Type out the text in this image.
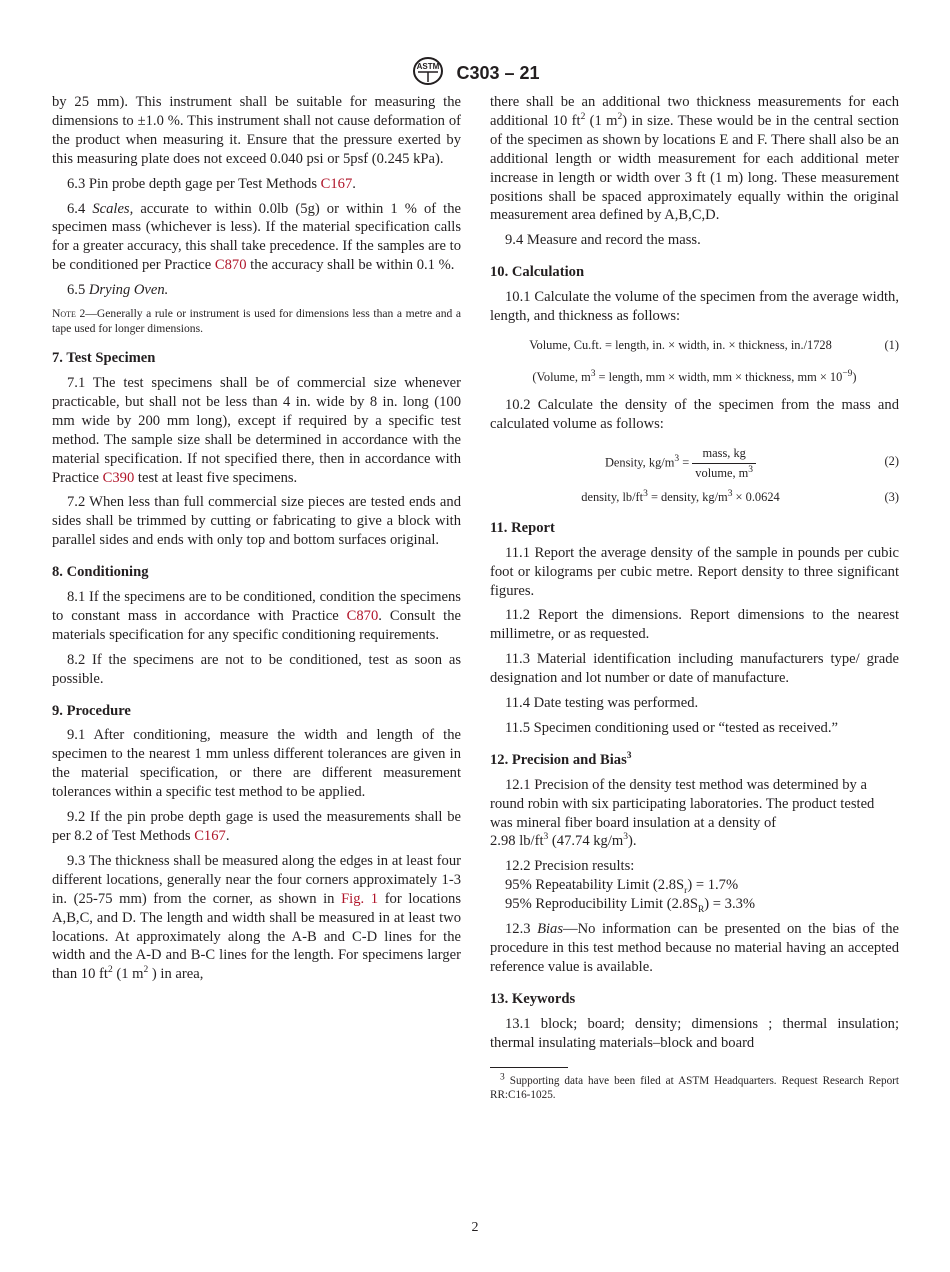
ASTM C303 – 21

by 25 mm). This instrument shall be suitable for measuring the dimensions to ±1.0 %. This instrument shall not cause deformation of the product when measuring it. Ensure that the pressure exerted by this measuring plate does not exceed 0.040 psi or 5psf (0.245 kPa).

6.3 Pin probe depth gage per Test Methods C167.

6.4 Scales, accurate to within 0.0lb (5g) or within 1 % of the specimen mass (whichever is less). If the material specification calls for a greater accuracy, this shall take precedence. If the samples are to be conditioned per Practice C870 the accuracy shall be within 0.1 %.

6.5 Drying Oven.

Note 2—Generally a rule or instrument is used for dimensions less than a metre and a tape used for longer dimensions.
7. Test Specimen

7.1 The test specimens shall be of commercial size whenever practicable, but shall not be less than 4 in. wide by 8 in. long (100 mm wide by 200 mm long), except if required by a specific test method. The sample size shall be determined in accordance with the material specification. If not specified there, then in accordance with Practice C390 test at least five specimens.

7.2 When less than full commercial size pieces are tested ends and sides shall be trimmed by cutting or fabricating to give a block with parallel sides and ends with only top and bottom surfaces original.

8. Conditioning

8.1 If the specimens are to be conditioned, condition the specimens to constant mass in accordance with Practice C870. Consult the materials specification for any specific conditioning requirements.

8.2 If the specimens are not to be conditioned, test as soon as possible.

9. Procedure

9.1 After conditioning, measure the width and length of the specimen to the nearest 1 mm unless different tolerances are given in the material specification, or there are different measurement tolerances within a specific test method to be applied.

9.2 If the pin probe depth gage is used the measurements shall be per 8.2 of Test Methods C167.

9.3 The thickness shall be measured along the edges in at least four different locations, generally near the four corners approximately 1-3 in. (25-75 mm) from the corner, as shown in Fig. 1 for locations A,B,C, and D. The length and width shall be measured in at least two locations. At approximately along the A-B and C-D lines for the width and the A-D and B-C lines for the length. For specimens larger than 10 $ft^2$ (1 $m^2$ ) in area,

there shall be an additional two thickness measurements for each additional 10 $ft^2$ (1 $m^2$) in size. These would be in the central section of the specimen as shown by locations E and F. There shall also be an additional length or width measurement for each additional meter increase in length or width over 3 ft (1 m) long. These measurement positions shall be spaced approximately equally within the original measurement area defined by A,B,C,D.

9.4 Measure and record the mass.

10. Calculation

10.1 Calculate the volume of the specimen from the average width, length, and thickness as follows:

Volume, Cu.ft. = length, in. × width, in. × thickness, in./1728	(1)
(Volume, $m^3$ = length, mm × width, mm × thickness, mm × $10^{-9}$)

10.2 Calculate the density of the specimen from the mass and calculated volume as follows:

Density, $kg/m^3 = \frac{\text{mass, kg}}{volume, m^3}$	(2)
density, $lb/ft^3$ = density, $kg/m^3 \times 0.0624$	(3)
11. Report

11.1 Report the average density of the sample in pounds per cubic foot or kilograms per cubic metre. Report density to three significant figures.

11.2 Report the dimensions. Report dimensions to the nearest millimetre, or as requested.

11.3 Material identification including manufacturers type/ grade designation and lot number or date of manufacture.

11.4 Date testing was performed.

11.5 Specimen conditioning used or “tested as received.”

12. Precision and Bias$^3$

12.1 Precision of the density test method was determined by a round robin with six participating laboratories. The product tested was mineral fiber board insulation at a density of
2.98 $lb/ft^3$ (47.74 $kg/m^3$).

12.2 Precision results:

95% Repeatability Limit $(2.8S_r) = 1.7\%$

95% Reproducibility Limit $(2.8S_R) = 3.3\%$

12.3 Bias—No information can be presented on the bias of the procedure in this test method because no material having an accepted reference value is available.

13. Keywords

13.1 block; board; density; dimensions ; thermal insulation; thermal insulating materials–block and board

$^3$ Supporting data have been filed at ASTM Headquarters. Request Research Report RR:C16-1025.
2
